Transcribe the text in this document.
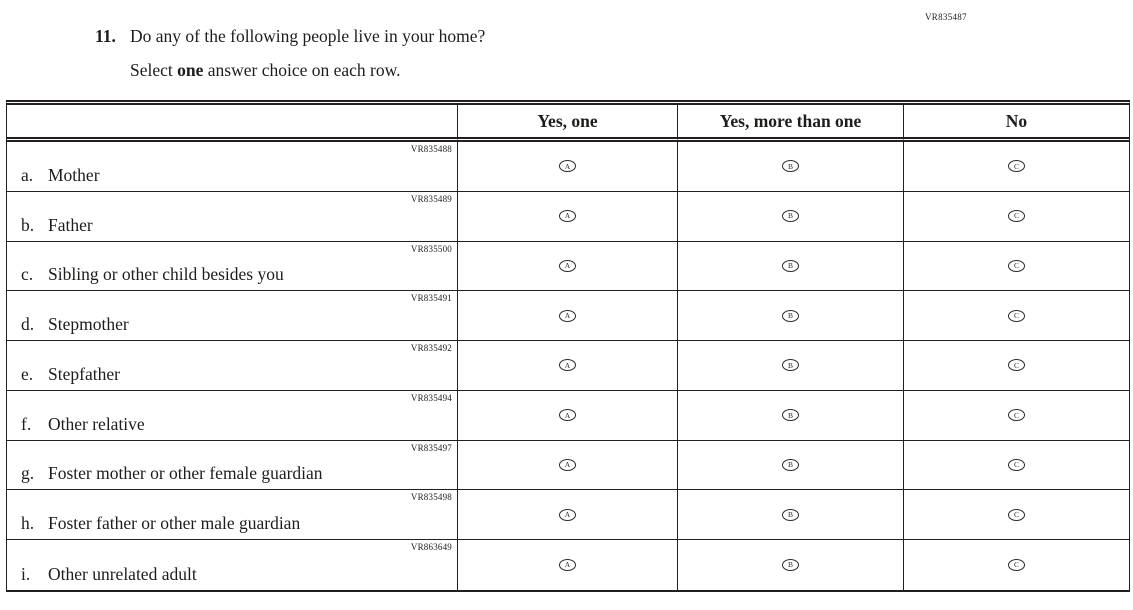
VR835487
11. Do any of the following people live in your home?
Select one answer choice on each row.
Yes, one	Yes, more than one	No
VR835488
a. Mother	A	B	C
VR835489
b. Father	A	B	C
VR835500
c. Sibling or other child besides you	A	B	C
VR835491
d. Stepmother	A	B	C
VR835492
e. Stepfather	A	B	C
VR835494
f. Other relative	A	B	C
VR835497
g. Foster mother or other female guardian	A	B	C
VR835498
h. Foster father or other male guardian	A	B	C
VR863649
i. Other unrelated adult	A	B	C
